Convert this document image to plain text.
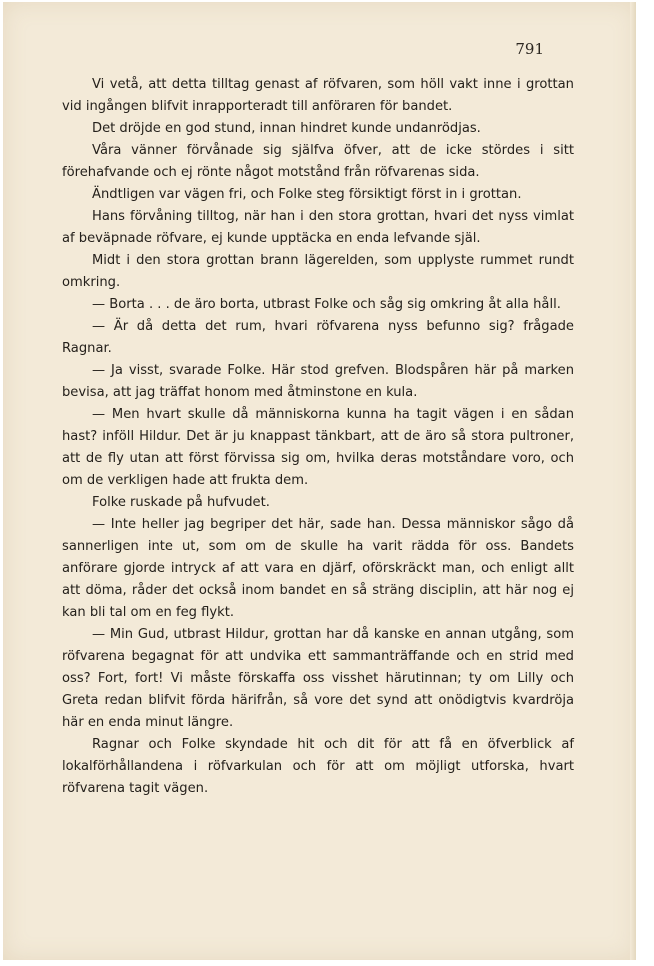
791

Vi vetå, att detta tilltag genast af röfvaren, som höll vakt inne i grottan vid ingången blifvit inrapporteradt till anföraren för bandet.

Det dröjde en god stund, innan hindret kunde undanrödjas.

Våra vänner förvånade sig själfva öfver, att de icke stördes i sitt förehafvande och ej rönte något motstånd från röfvarenas sida.

Ändtligen var vägen fri, och Folke steg försiktigt först in i grottan.

Hans förvåning tilltog, när han i den stora grottan, hvari det nyss vimlat af beväpnade röfvare, ej kunde upptäcka en enda lefvande själ.

Midt i den stora grottan brann lägerelden, som upplyste rummet rundt omkring.

— Borta . . . de äro borta, utbrast Folke och såg sig omkring åt alla håll.

— Är då detta det rum, hvari röfvarena nyss befunno sig? frågade Ragnar.

— Ja visst, svarade Folke. Här stod grefven. Blodspåren här på marken bevisa, att jag träffat honom med åtminstone en kula.

— Men hvart skulle då människorna kunna ha tagit vägen i en sådan hast? inföll Hildur. Det är ju knappast tänkbart, att de äro så stora pultroner, att de fly utan att först förvissa sig om, hvilka deras motståndare voro, och om de verkligen hade att frukta dem.

Folke ruskade på hufvudet.

— Inte heller jag begriper det här, sade han. Dessa människor sågo då sannerligen inte ut, som om de skulle ha varit rädda för oss. Bandets anförare gjorde intryck af att vara en djärf, oförskräckt man, och enligt allt att döma, råder det också inom bandet en så sträng disciplin, att här nog ej kan bli tal om en feg flykt.

— Min Gud, utbrast Hildur, grottan har då kanske en annan utgång, som röfvarena begagnat för att undvika ett sammanträffande och en strid med oss? Fort, fort! Vi måste förskaffa oss visshet härutinnan; ty om Lilly och Greta redan blifvit förda härifrån, så vore det synd att onödigtvis kvardröja här en enda minut längre.

Ragnar och Folke skyndade hit och dit för att få en öfverblick af lokalförhållandena i röfvarkulan och för att om möjligt utforska, hvart röfvarena tagit vägen.
